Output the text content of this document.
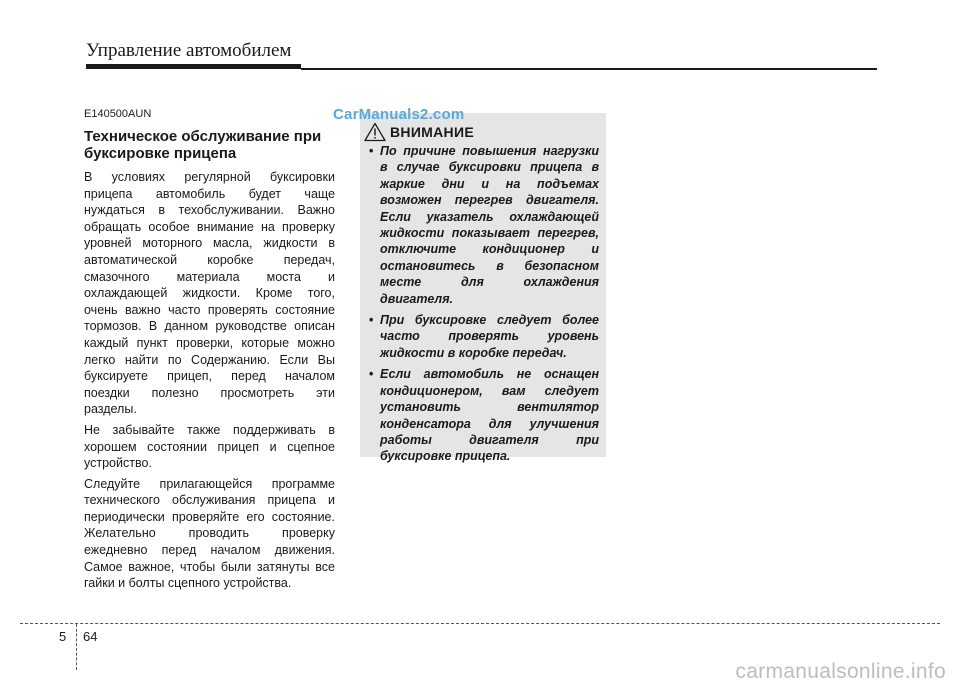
Управление автомобилем
E140500AUN
Техническое обслуживание при буксировке прицепа

В условиях регулярной буксировки прицепа автомобиль будет чаще нуждаться в техобслуживании. Важно обращать особое внимание на проверку уровней моторного масла, жидкости в автоматической коробке передач, смазочного материала моста и охлаждающей жидкости. Кроме того, очень важно часто проверять состояние тормозов. В данном руководстве описан каждый пункт проверки, которые можно легко найти по Содержанию. Если Вы буксируете прицеп, перед началом поездки полезно просмотреть эти разделы.

Не забывайте также поддерживать в хорошем состоянии прицеп и сцепное устройство.

Следуйте прилагающейся программе технического обслуживания прицепа и периодически проверяйте его состояние. Желательно проводить проверку ежедневно перед началом движения. Самое важное, чтобы были затянуты все гайки и болты сцепного устройства.

ВНИМАНИЕ
• По причине повышения нагрузки в случае буксировки прицепа в жаркие дни и на подъемах возможен перегрев двигателя. Если указатель охлаждающей жидкости показывает перегрев, отключите кондиционер и остановитесь в безопасном месте для охлаждения двигателя.
• При буксировке следует более часто проверять уровень жидкости в коробке передач.
• Если автомобиль не оснащен кондиционером, вам следует установить вентилятор конденсатора для улучшения работы двигателя при буксировке прицепа.
CarManuals2.com
5 64
carmanualsonline.info
